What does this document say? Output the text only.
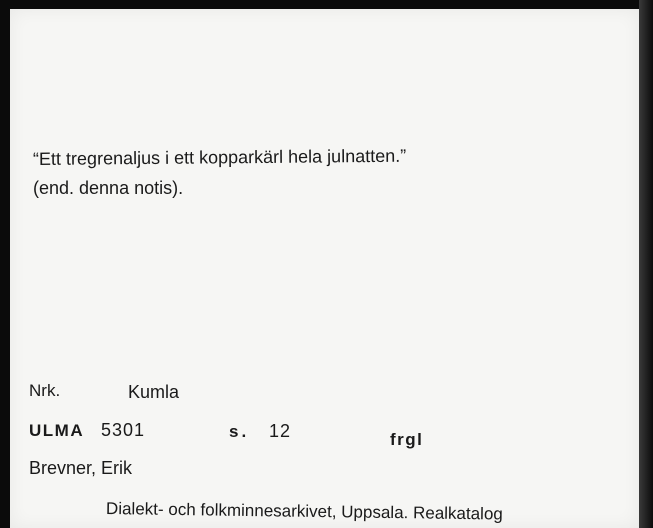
“Ett tregrenaljus i ett kopparkärl hela julnatten.”
(end. denna notis).
Nrk.	Kumla
ULMA 5301	s. 12	frgl
Brevner, Erik
Dialekt- och folkminnesarkivet, Uppsala. Realkatalog
